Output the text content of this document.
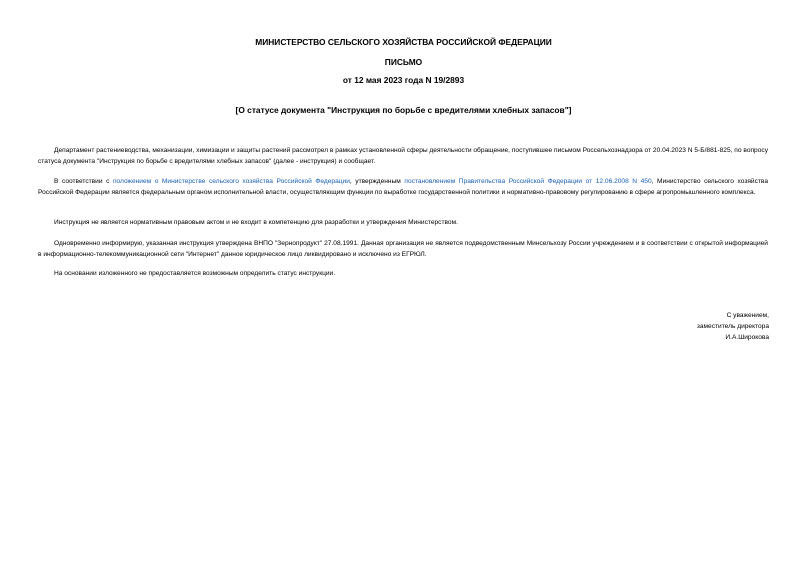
МИНИСТЕРСТВО СЕЛЬСКОГО ХОЗЯЙСТВА РОССИЙСКОЙ ФЕДЕРАЦИИ
ПИСЬМО
от 12 мая 2023 года N 19/2893
[О статусе документа "Инструкция по борьбе с вредителями хлебных запасов"]

Департамент растениеводства, механизации, химизации и защиты растений рассмотрел в рамках установленной сферы деятельности обращение, поступившее письмом Россельхознадзора от 20.04.2023 N 5-Б/881-825, по вопросу статуса документа "Инструкция по борьбе с вредителями хлебных запасов" (далее - инструкция) и сообщает.

В соответствии с положением о Министерстве сельского хозяйства Российской Федерации, утвержденным постановлением Правительства Российской Федерации от 12.06.2008 N 450, Министерство сельского хозяйства Российской Федерации является федеральным органом исполнительной власти, осуществляющим функции по выработке государственной политики и нормативно-правовому регулированию в сфере агропромышленного комплекса.

Инструкция не является нормативным правовым актом и не входит в компетенцию для разработки и утверждения Министерством.

Одновременно информирую, указанная инструкция утверждена ВНПО "Зернопродукт" 27.08.1991. Данная организация не является подведомственным Минсельхозу России учреждением и в соответствии с открытой информацией в информационно-телекоммуникационной сети "Интернет" данное юридическое лицо ликвидировано и исключено из ЕГРЮЛ.

На основании изложенного не предоставляется возможным определить статус инструкции.

С уважением,
заместитель директора
И.А.Широкова
